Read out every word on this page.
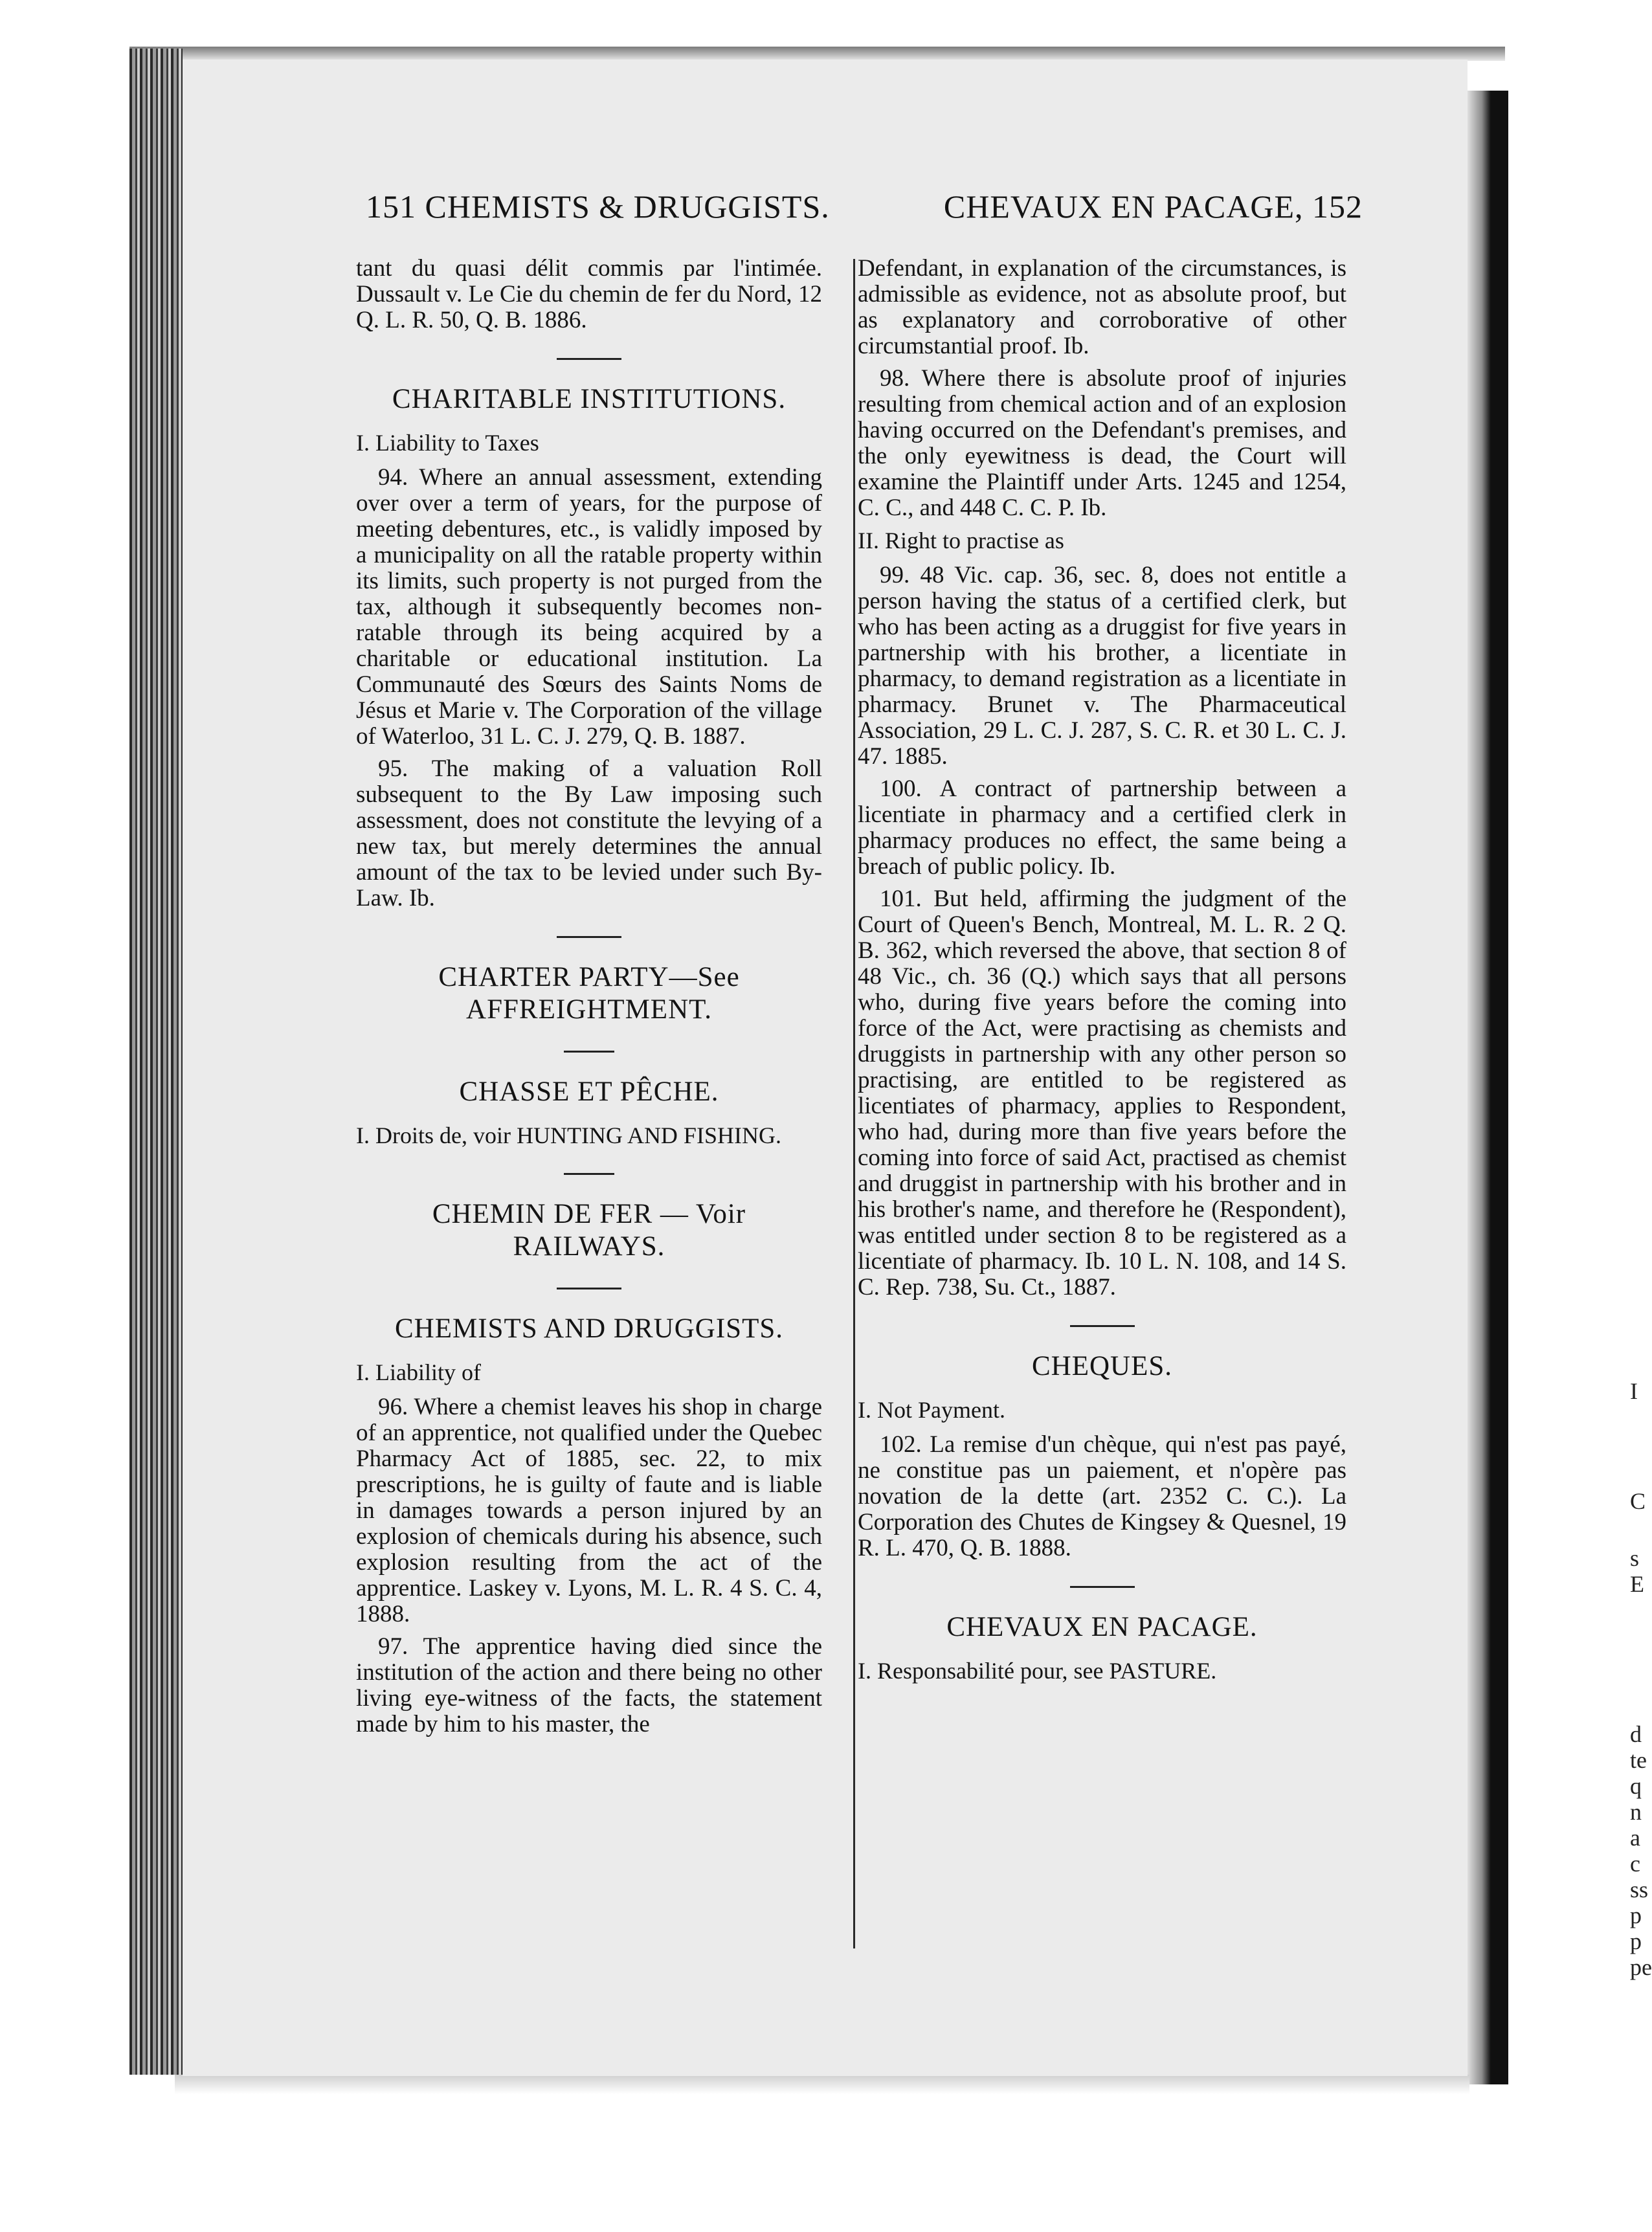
151 CHEMISTS & DRUGGISTS.	CHEVAUX EN PACAGE, 152

tant du quasi délit commis par l'intimée. Dussault v. Le Cie du chemin de fer du Nord, 12 Q. L. R. 50, Q. B. 1886.

CHARITABLE INSTITUTIONS.
I. Liability to Taxes

94. Where an annual assessment, extending over over a term of years, for the purpose of meeting debentures, etc., is validly imposed by a municipality on all the ratable property within its limits, such property is not purged from the tax, although it subsequently becomes non-ratable through its being acquired by a charitable or educational institution. La Communauté des Sœurs des Saints Noms de Jésus et Marie v. The Corporation of the village of Waterloo, 31 L. C. J. 279, Q. B. 1887.

95. The making of a valuation Roll subsequent to the By Law imposing such assessment, does not constitute the levying of a new tax, but merely determines the annual amount of the tax to be levied under such By-Law. Ib.

CHARTER PARTY—See AFFREIGHTMENT.
CHASSE ET PÊCHE.
I. Droits de, voir HUNTING AND FISHING.
CHEMIN DE FER — Voir RAILWAYS.
CHEMISTS AND DRUGGISTS.
I. Liability of

96. Where a chemist leaves his shop in charge of an apprentice, not qualified under the Quebec Pharmacy Act of 1885, sec. 22, to mix prescriptions, he is guilty of faute and is liable in damages towards a person injured by an explosion of chemicals during his absence, such explosion resulting from the act of the apprentice. Laskey v. Lyons, M. L. R. 4 S. C. 4, 1888.

97. The apprentice having died since the institution of the action and there being no other living eye-witness of the facts, the statement made by him to his master, the

Defendant, in explanation of the circumstances, is admissible as evidence, not as absolute proof, but as explanatory and corroborative of other circumstantial proof. Ib.

98. Where there is absolute proof of injuries resulting from chemical action and of an explosion having occurred on the Defendant's premises, and the only eyewitness is dead, the Court will examine the Plaintiff under Arts. 1245 and 1254, C. C., and 448 C. C. P. Ib.

II. Right to practise as

99. 48 Vic. cap. 36, sec. 8, does not entitle a person having the status of a certified clerk, but who has been acting as a druggist for five years in partnership with his brother, a licentiate in pharmacy, to demand registration as a licentiate in pharmacy. Brunet v. The Pharmaceutical Association, 29 L. C. J. 287, S. C. R. et 30 L. C. J. 47. 1885.

100. A contract of partnership between a licentiate in pharmacy and a certified clerk in pharmacy produces no effect, the same being a breach of public policy. Ib.

101. But held, affirming the judgment of the Court of Queen's Bench, Montreal, M. L. R. 2 Q. B. 362, which reversed the above, that section 8 of 48 Vic., ch. 36 (Q.) which says that all persons who, during five years before the coming into force of the Act, were practising as chemists and druggists in partnership with any other person so practising, are entitled to be registered as licentiates of pharmacy, applies to Respondent, who had, during more than five years before the coming into force of said Act, practised as chemist and druggist in partnership with his brother and in his brother's name, and therefore he (Respondent), was entitled under section 8 to be registered as a licentiate of pharmacy. Ib. 10 L. N. 108, and 14 S. C. Rep. 738, Su. Ct., 1887.

CHEQUES.
I. Not Payment.

102. La remise d'un chèque, qui n'est pas payé, ne constitue pas un paiement, et n'opère pas novation de la dette (art. 2352 C. C.). La Corporation des Chutes de Kingsey & Quesnel, 19 R. L. 470, Q. B. 1888.

CHEVAUX EN PACAGE.
I. Responsabilité pour, see PASTURE.
I
C
s
E
d
te
q
n
a
c
ss
p
p
pe
